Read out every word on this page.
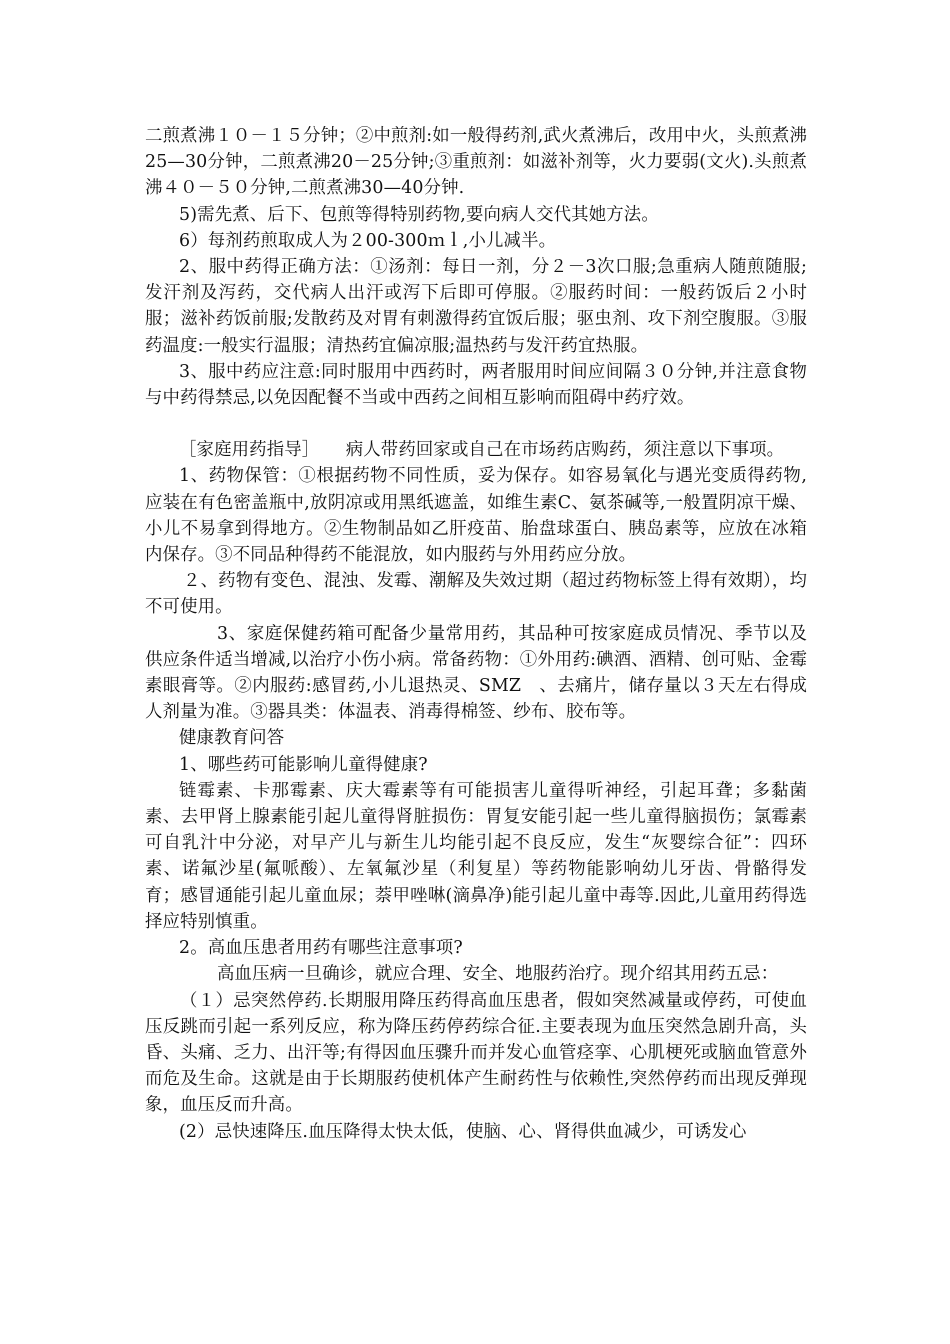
二煎煮沸１０－１５分钟；②中煎剂:如一般得药剂,武火煮沸后，改用中火，头煎煮沸25—30分钟，二煎煮沸20－25分钟;③重煎剂：如滋补剂等，火力要弱(文火).头煎煮沸４０－５０分钟,二煎煮沸30—40分钟.

5)需先煮、后下、包煎等得特别药物,要向病人交代其她方法。

6）每剂药煎取成人为２00-300ｍｌ,小儿减半。

2、服中药得正确方法：①汤剂：每日一剂，分２－3次口服;急重病人随煎随服;发汗剂及泻药，交代病人出汗或泻下后即可停服。②服药时间：一般药饭后２小时服；滋补药饭前服;发散药及对胃有刺激得药宜饭后服；驱虫剂、攻下剂空腹服。③服药温度:一般实行温服；清热药宜偏凉服;温热药与发汗药宜热服。

3、服中药应注意:同时服用中西药时，两者服用时间应间隔３０分钟,并注意食物与中药得禁忌,以免因配餐不当或中西药之间相互影响而阻碍中药疗效。

［家庭用药指导］　　病人带药回家或自己在市场药店购药，须注意以下事项。

1、药物保管：①根据药物不同性质，妥为保存。如容易氧化与遇光变质得药物,应装在有色密盖瓶中,放阴凉或用黑纸遮盖，如维生素C、氨茶碱等,一般置阴凉干燥、小儿不易拿到得地方。②生物制品如乙肝疫苗、胎盘球蛋白、胰岛素等，应放在冰箱内保存。③不同品种得药不能混放，如内服药与外用药应分放。

２、药物有变色、混浊、发霉、潮解及失效过期（超过药物标签上得有效期），均不可使用。

3、家庭保健药箱可配备少量常用药，其品种可按家庭成员情况、季节以及供应条件适当增减,以治疗小伤小病。常备药物：①外用药:碘酒、酒精、创可贴、金霉素眼膏等。②内服药:感冒药,小儿退热灵、SMZ　、去痛片，储存量以３天左右得成人剂量为准。③器具类：体温表、消毒得棉签、纱布、胶布等。

健康教育问答

1、哪些药可能影响儿童得健康?

链霉素、卡那霉素、庆大霉素等有可能损害儿童得听神经，引起耳聋；多黏菌素、去甲肾上腺素能引起儿童得肾脏损伤：胃复安能引起一些儿童得脑损伤；氯霉素可自乳汁中分泌，对早产儿与新生儿均能引起不良反应，发生“灰婴综合征”：四环素、诺氟沙星(氟哌酸）、左氧氟沙星（利复星）等药物能影响幼儿牙齿、骨骼得发育；感冒通能引起儿童血尿；萘甲唑啉(滴鼻净)能引起儿童中毒等.因此,儿童用药得选择应特别慎重。

2。高血压患者用药有哪些注意事项?

高血压病一旦确诊，就应合理、安全、地服药治疗。现介绍其用药五忌：

（１）忌突然停药.长期服用降压药得高血压患者，假如突然减量或停药，可使血压反跳而引起一系列反应，称为降压药停药综合征.主要表现为血压突然急剧升高，头昏、头痛、乏力、出汗等;有得因血压骤升而并发心血管痉挛、心肌梗死或脑血管意外而危及生命。这就是由于长期服药使机体产生耐药性与依赖性,突然停药而出现反弹现象，血压反而升高。

(2）忌快速降压.血压降得太快太低，使脑、心、肾得供血减少，可诱发心
